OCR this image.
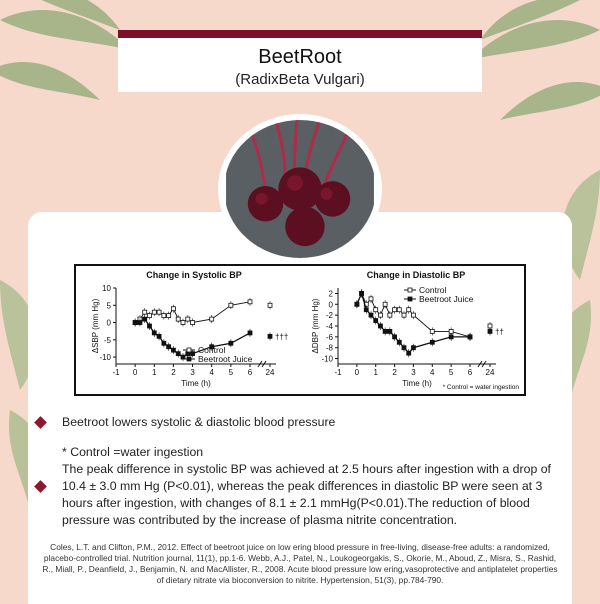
BeetRoot
(RadixBeta Vulgari)
Change in Systolic BP
10
5
0
-5
-10
-1 0 1 2 3 4 5 6 24
Time (h)
ΔSBP (mm Hg)	†††
Control
Beetroot Juice
Change in Diastolic BP
2
0
-2
-4
-6
-8
-10
-1 0 1 2 3 4 5 6 24
Time (h)
ΔDBP (mm Hg)	††
Control
Beetroot Juice
* Control = water ingestion
Beetroot lowers systolic & diastolic blood pressure
* Control =water ingestion
The peak difference in systolic BP was achieved at 2.5 hours after ingestion with a drop of 10.4 ± 3.0 mm Hg (P<0.01), whereas the peak differences in diastolic BP were seen at 3 hours after ingestion, with changes of 8.1 ± 2.1 mmHg(P<0.01).The reduction of blood pressure was contributed by the increase of plasma nitrite concentration.
Coles, L.T. and Clifton, P.M., 2012. Effect of beetroot juice on low ering blood pressure in free-living, disease-free adults: a randomized, placebo-controlled trial. Nutrition journal, 11(1), pp.1-6. Webb, A.J., Patel, N., Loukogeorgakis, S., Okorie, M., Aboud, Z., Misra, S., Rashid, R., Miall, P., Deanfield, J., Benjamin, N. and MacAllister, R., 2008. Acute blood pressure low ering,vasoprotective and antiplatelet properties of dietary nitrate via bioconversion to nitrite. Hypertension, 51(3), pp.784-790.
